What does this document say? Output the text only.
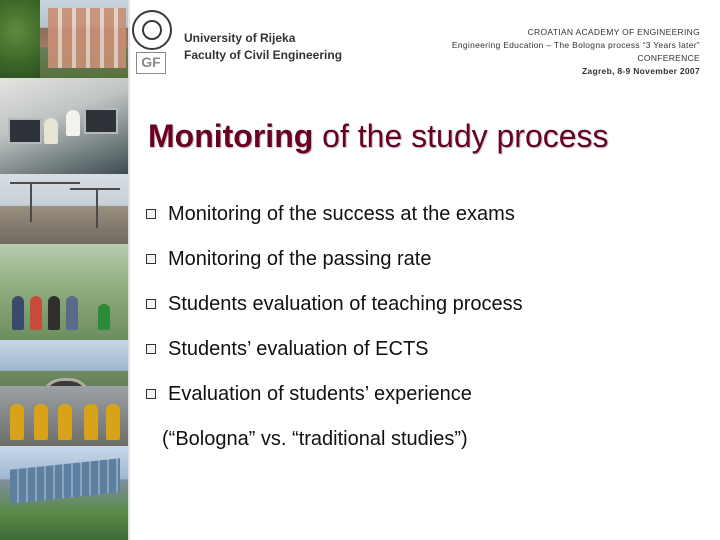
GF
University of Rijeka
Faculty of Civil Engineering
CROATIAN ACADEMY OF ENGINEERING
Engineering Education – The Bologna process “3 Years later”
CONFERENCE
Zagreb, 8-9 November 2007
Monitoring of the study process
Monitoring of the success at the exams
Monitoring of the passing rate
Students evaluation of teaching process
Students’ evaluation of ECTS
Evaluation of students’ experience
(“Bologna” vs. “traditional studies”)
